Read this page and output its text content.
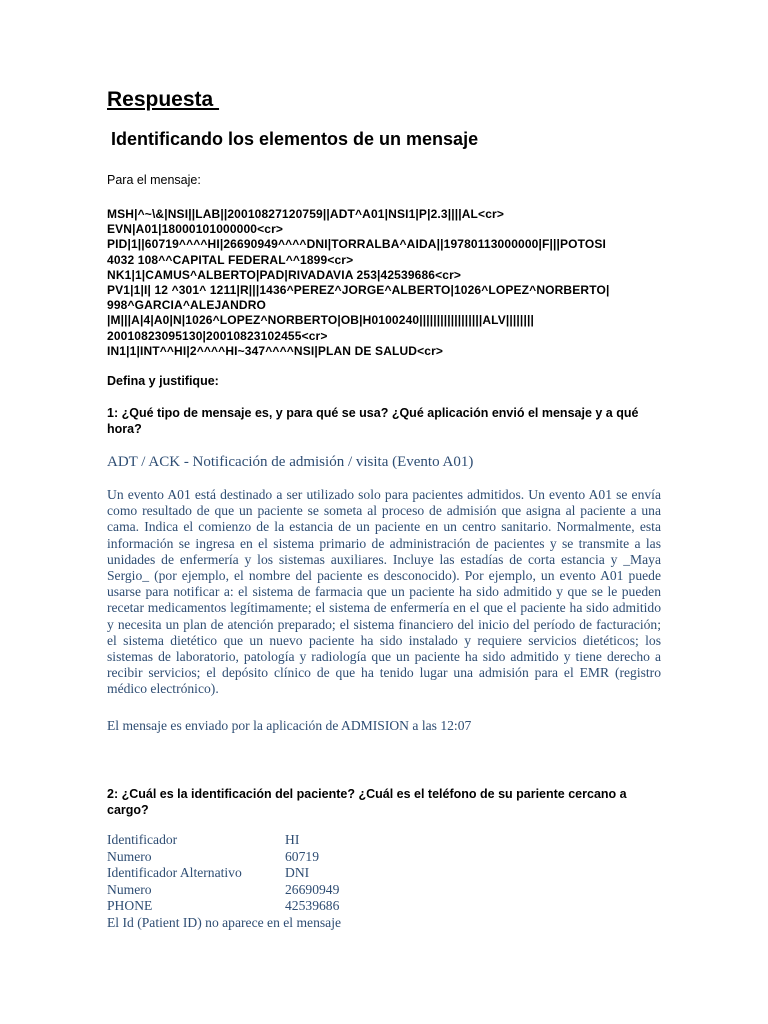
Respuesta
Identificando los elementos de un mensaje
Para el mensaje:
MSH|^~\&|NSI||LAB||20010827120759||ADT^A01|NSI1|P|2.3||||AL<cr>
EVN|A01|18000101000000<cr>
PID|1||60719^^^^HI|26690949^^^^DNI|TORRALBA^AIDA||19780113000000|F|||POTOSI
4032 108^^CAPITAL FEDERAL^^1899<cr>
NK1|1|CAMUS^ALBERTO|PAD|RIVADAVIA 253|42539686<cr>
PV1|1|I| 12 ^301^ 1211|R|||1436^PEREZ^JORGE^ALBERTO|1026^LOPEZ^NORBERTO|
998^GARCIA^ALEJANDRO
|M|||A|4|A0|N|1026^LOPEZ^NORBERTO|OB|H0100240||||||||||||||||||ALV||||||||
20010823095130|20010823102455<cr>
IN1|1|INT^^HI|2^^^^HI~347^^^^NSI|PLAN DE SALUD<cr>
Defina y justifique:
1: ¿Qué tipo de mensaje es, y para qué se usa? ¿Qué aplicación envió el mensaje y a qué hora?
ADT / ACK - Notificación de admisión / visita (Evento A01)
Un evento A01 está destinado a ser utilizado solo para pacientes admitidos. Un evento A01 se envía como resultado de que un paciente se someta al proceso de admisión que asigna al paciente a una cama. Indica el comienzo de la estancia de un paciente en un centro sanitario. Normalmente, esta información se ingresa en el sistema primario de administración de pacientes y se transmite a las unidades de enfermería y los sistemas auxiliares. Incluye las estadías de corta estancia y _Maya Sergio_ (por ejemplo, el nombre del paciente es desconocido). Por ejemplo, un evento A01 puede usarse para notificar a: el sistema de farmacia que un paciente ha sido admitido y que se le pueden recetar medicamentos legítimamente; el sistema de enfermería en el que el paciente ha sido admitido y necesita un plan de atención preparado; el sistema financiero del inicio del período de facturación; el sistema dietético que un nuevo paciente ha sido instalado y requiere servicios dietéticos; los sistemas de laboratorio, patología y radiología que un paciente ha sido admitido y tiene derecho a recibir servicios; el depósito clínico de que ha tenido lugar una admisión para el EMR (registro médico electrónico).
El mensaje es enviado por la aplicación de ADMISION a las 12:07
2: ¿Cuál es la identificación del paciente? ¿Cuál es el teléfono de su pariente cercano a cargo?
Identificador	HI
Numero	60719
Identificador Alternativo	DNI
Numero	26690949
PHONE	42539686
El Id (Patient ID) no aparece en el mensaje
